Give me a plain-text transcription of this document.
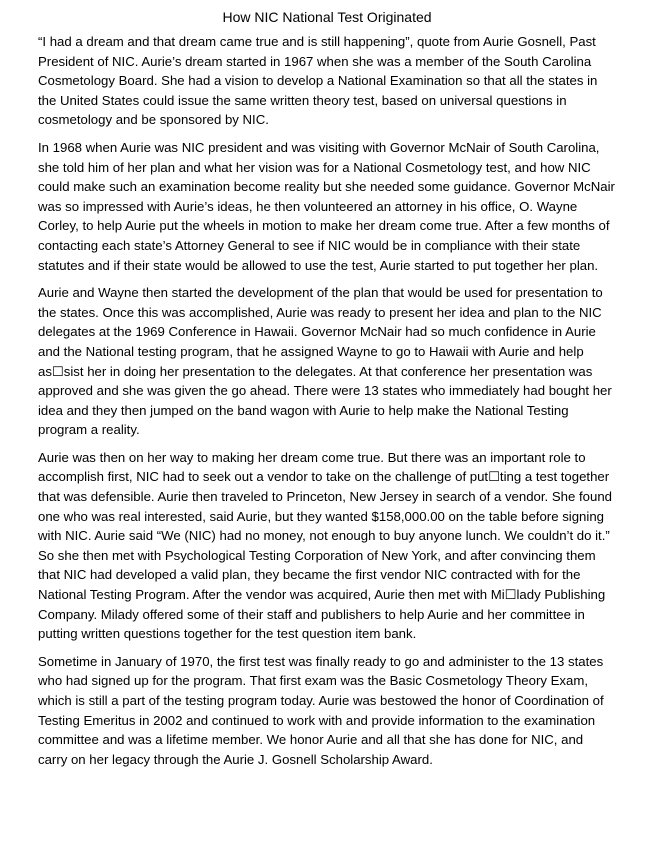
How NIC National Test Originated

“I had a dream and that dream came true and is still happening”, quote from Aurie Gosnell, Past President of NIC. Aurie’s dream started in 1967 when she was a member of the South Carolina Cosmetology Board. She had a vision to develop a National Examination so that all the states in the United States could issue the same written theory test, based on universal questions in cosmetology and be sponsored by NIC.

In 1968 when Aurie was NIC president and was visiting with Governor McNair of South Carolina, she told him of her plan and what her vision was for a National Cosmetology test, and how NIC could make such an examination become reality but she needed some guidance. Governor McNair was so impressed with Aurie’s ideas, he then volunteered an attorney in his office, O. Wayne Corley, to help Aurie put the wheels in motion to make her dream come true. After a few months of contacting each state’s Attorney General to see if NIC would be in compliance with their state statutes and if their state would be allowed to use the test, Aurie started to put together her plan.

Aurie and Wayne then started the development of the plan that would be used for presentation to the states. Once this was accomplished, Aurie was ready to present her idea and plan to the NIC delegates at the 1969 Conference in Hawaii. Governor McNair had so much confidence in Aurie and the National testing program, that he assigned Wayne to go to Hawaii with Aurie and help as☐sist her in doing her presentation to the delegates. At that conference her presentation was approved and she was given the go ahead. There were 13 states who immediately had bought her idea and they then jumped on the band wagon with Aurie to help make the National Testing program a reality.

Aurie was then on her way to making her dream come true. But there was an important role to accomplish first, NIC had to seek out a vendor to take on the challenge of put☐ting a test together that was defensible. Aurie then traveled to Princeton, New Jersey in search of a vendor. She found one who was real interested, said Aurie, but they wanted $158,000.00 on the table before signing with NIC. Aurie said “We (NIC) had no money, not enough to buy anyone lunch. We couldn’t do it.” So she then met with Psychological Testing Corporation of New York, and after convincing them that NIC had developed a valid plan, they became the first vendor NIC contracted with for the National Testing Program. After the vendor was acquired, Aurie then met with Mi☐lady Publishing Company. Milady offered some of their staff and publishers to help Aurie and her committee in putting written questions together for the test question item bank.

Sometime in January of 1970, the first test was finally ready to go and administer to the 13 states who had signed up for the program. That first exam was the Basic Cosmetology Theory Exam, which is still a part of the testing program today. Aurie was bestowed the honor of Coordination of Testing Emeritus in 2002 and continued to work with and provide information to the examination committee and was a lifetime member. We honor Aurie and all that she has done for NIC, and carry on her legacy through the Aurie J. Gosnell Scholarship Award.
